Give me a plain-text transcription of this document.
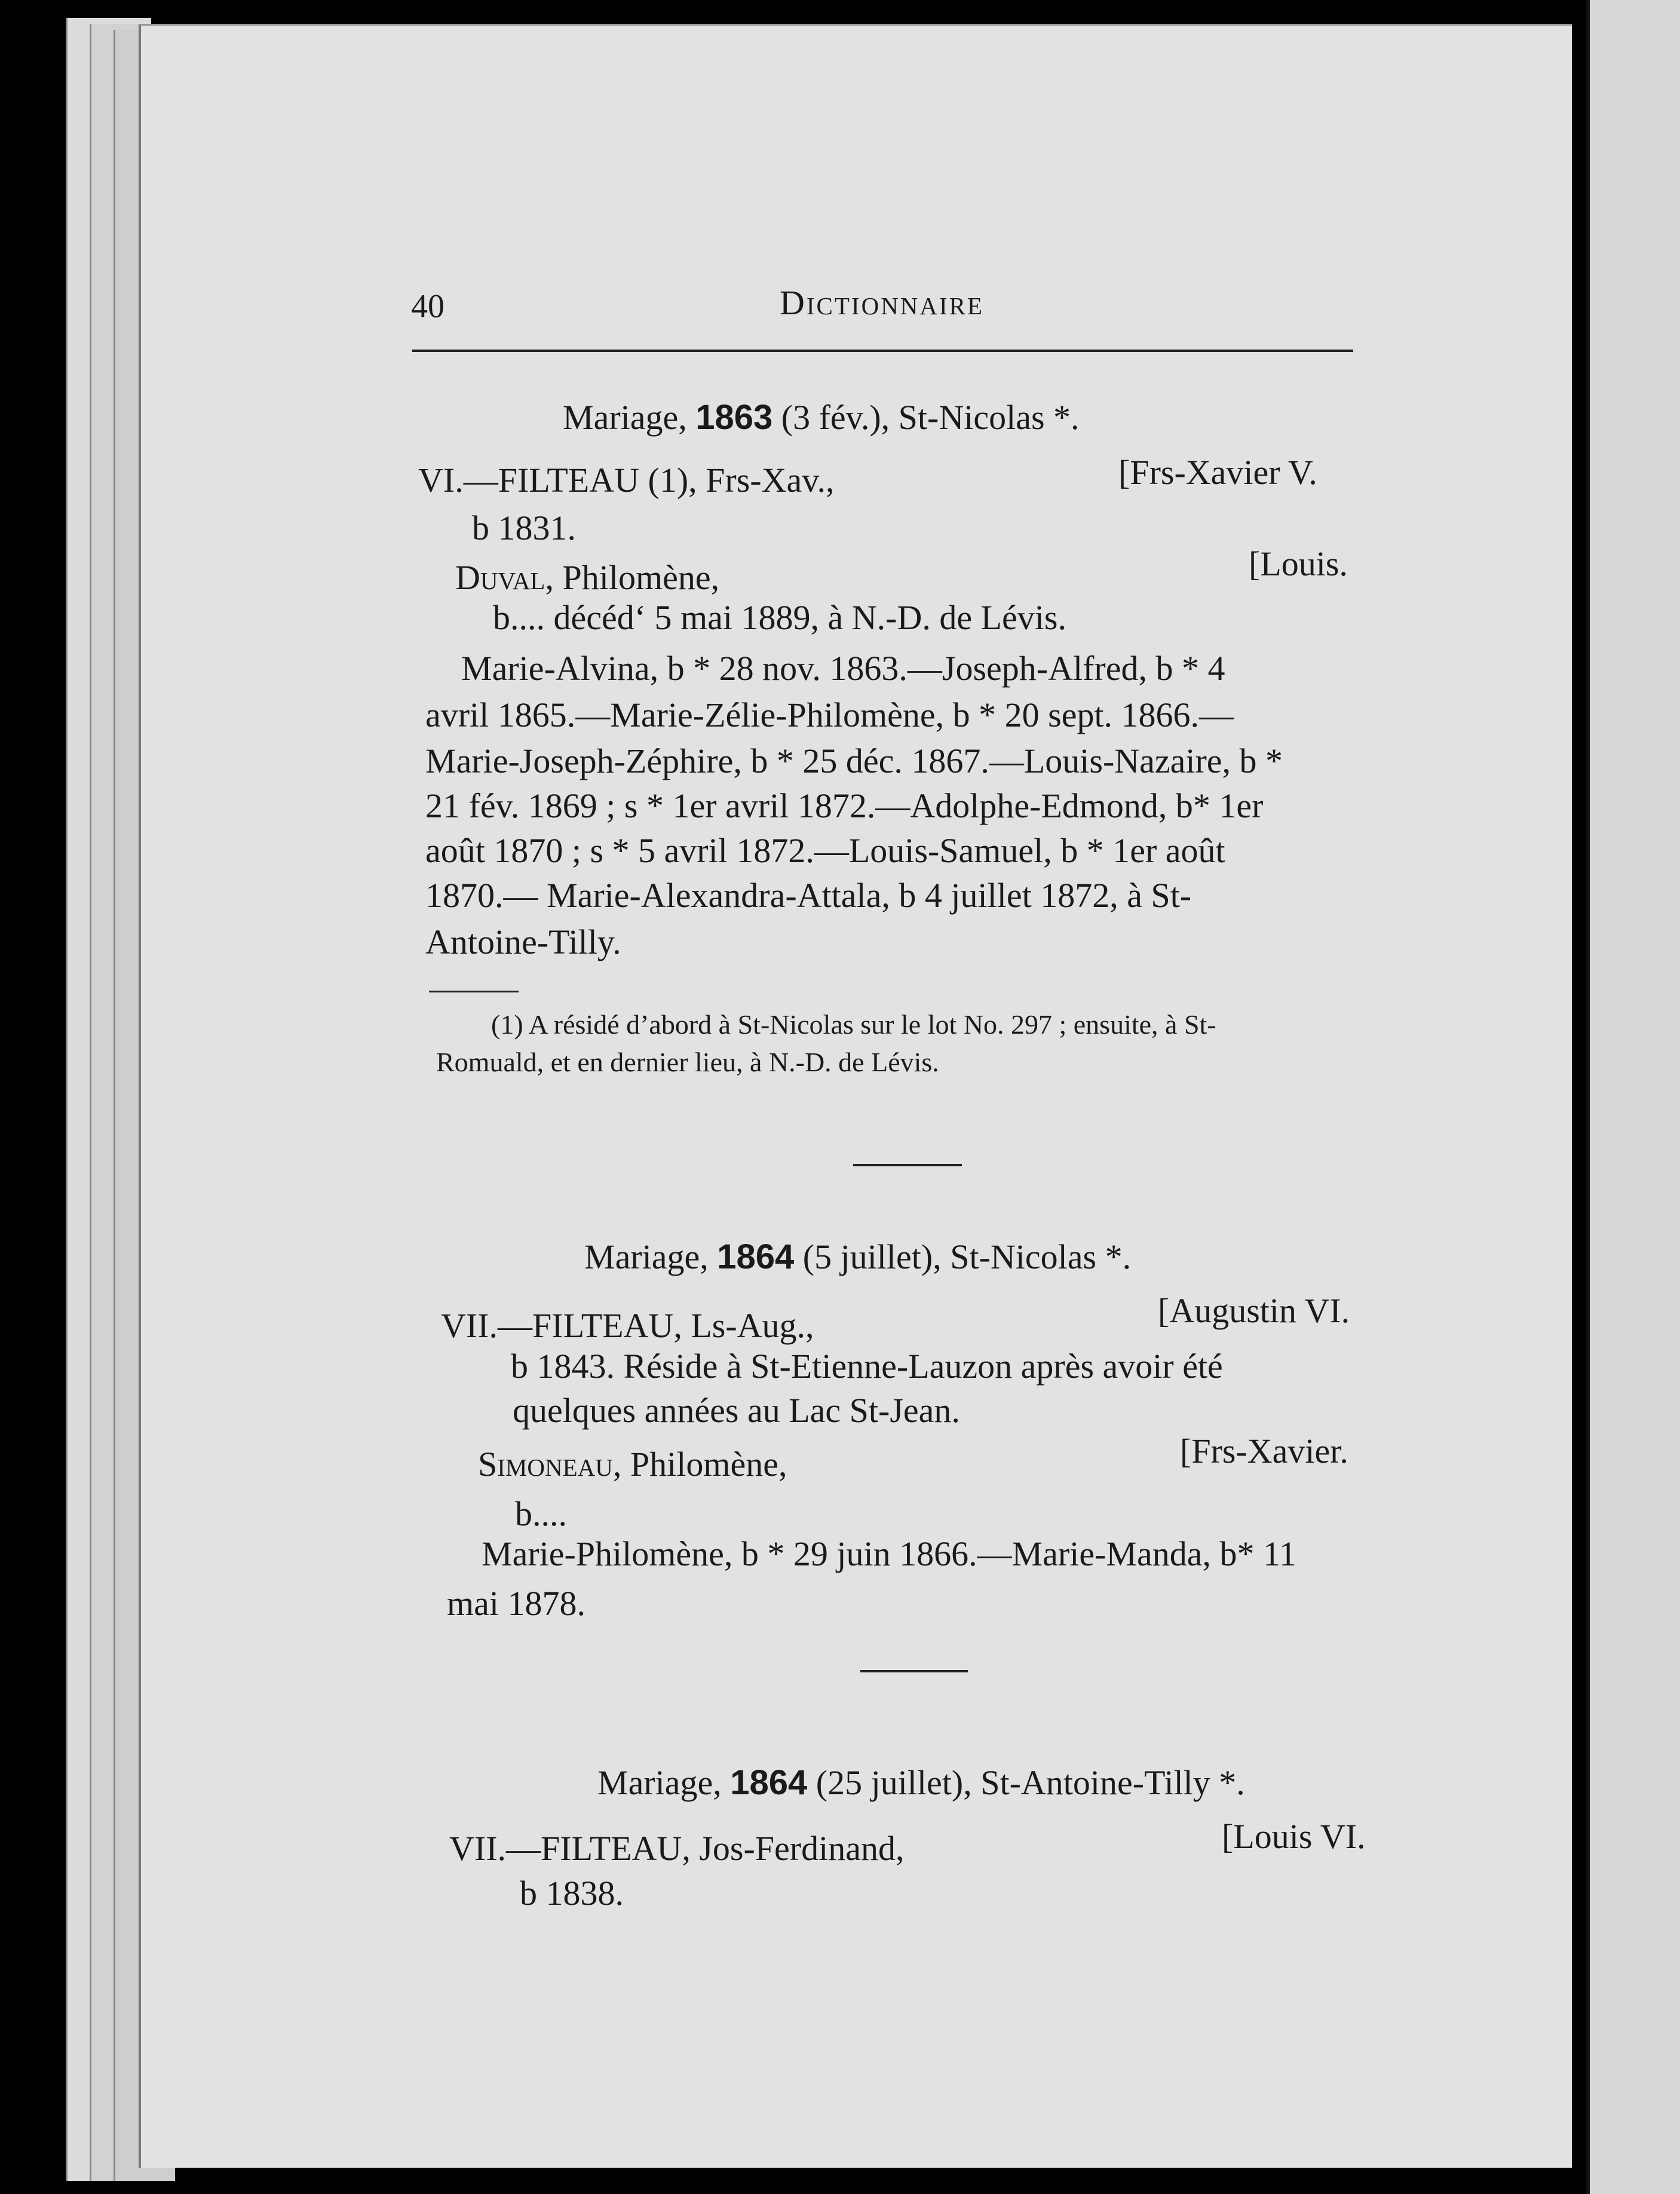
40	Dictionnaire
Mariage, 1863 (3 fév.), St-Nicolas *.
VI.—FILTEAU (1), Frs-Xav.,	[Frs-Xavier V.
b 1831.
Duval, Philomène,	[Louis.
b.... décéd‘ 5 mai 1889, à N.-D. de Lévis.
Marie-Alvina, b * 28 nov. 1863.—Joseph-Alfred, b * 4
avril 1865.—Marie-Zélie-Philomène, b * 20 sept. 1866.—
Marie-Joseph-Zéphire, b * 25 déc. 1867.—Louis-Nazaire, b *
21 fév. 1869 ; s * 1er avril 1872.—Adolphe-Edmond, b* 1er
août 1870 ; s * 5 avril 1872.—Louis-Samuel, b * 1er août
1870.— Marie-Alexandra-Attala, b 4 juillet 1872, à St-
Antoine-Tilly.
(1) A résidé d’abord à St-Nicolas sur le lot No. 297 ; ensuite, à St-
Romuald, et en dernier lieu, à N.-D. de Lévis.
Mariage, 1864 (5 juillet), St-Nicolas *.
VII.—FILTEAU, Ls-Aug.,	[Augustin VI.
b 1843. Réside à St-Etienne-Lauzon après avoir été
quelques années au Lac St-Jean.
Simoneau, Philomène,	[Frs-Xavier.
b....
Marie-Philomène, b * 29 juin 1866.—Marie-Manda, b* 11
mai 1878.
Mariage, 1864 (25 juillet), St-Antoine-Tilly *.
VII.—FILTEAU, Jos-Ferdinand,	[Louis VI.
b 1838.
